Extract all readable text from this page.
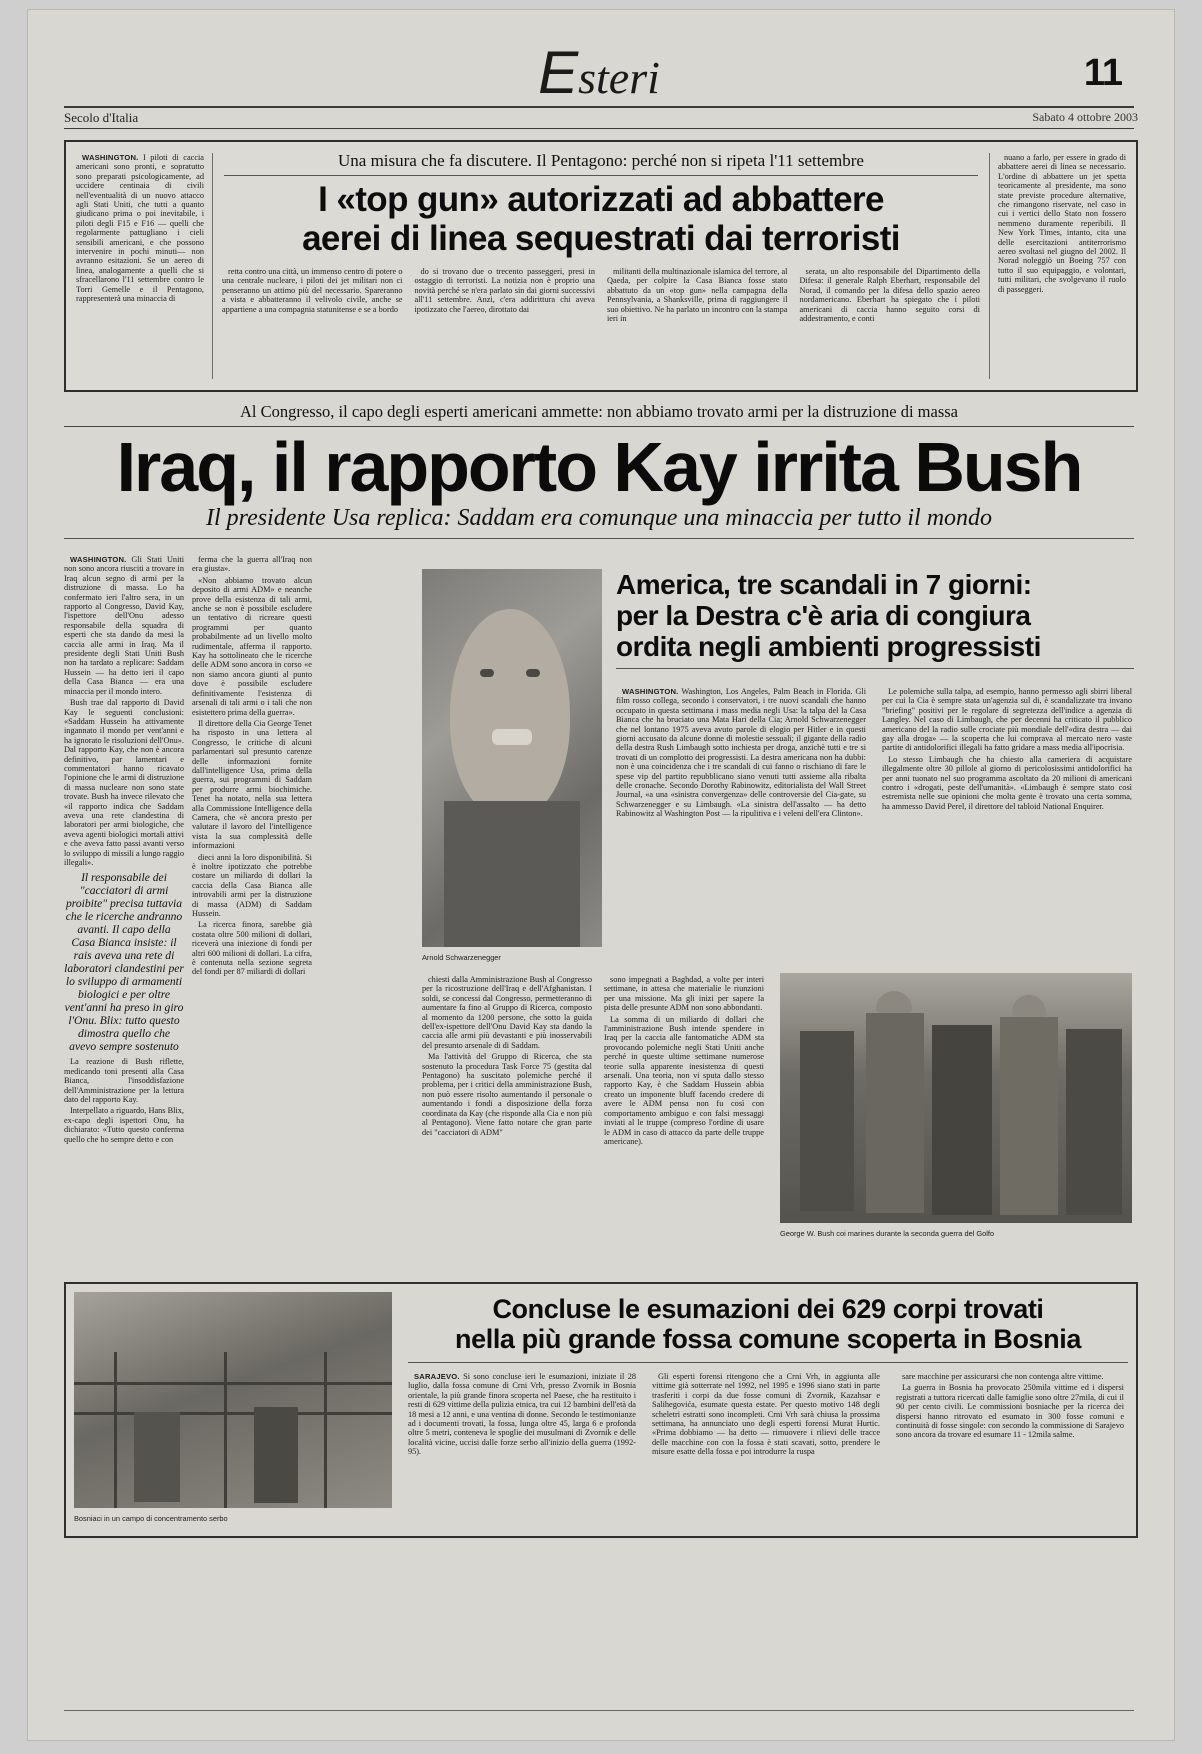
Esteri	11
Secolo d'Italia	Sabato 4 ottobre 2003

WASHINGTON. I piloti di caccia americani sono pronti, e sopratutto sono preparati psicologicamente, ad uccidere centinaia di civili nell'eventualità di un nuovo attacco agli Stati Uniti, che tutti a quanto giudicano prima o poi inevitabile, i piloti degli F15 e F16 — quelli che regolarmente pattugliano i cieli sensibili americani, e che possono intervenire in pochi minuti— non avranno esitazioni. Se un aereo di linea, analogamente a quelli che si sfracellarono l'11 settembre contro le Torri Gemelle e il Pentagono, rappresenterà una minaccia di

nuano a farlo, per essere in grado di abbattere aerei di linea se necessario. L'ordine di abbattere un jet spetta teoricamente al presidente, ma sono state previste procedure alternative, che rimangono riservate, nel caso in cui i vertici dello Stato non fossero nemmeno duramente reperibili. Il New York Times, intanto, cita una delle esercitazioni antiterrorismo aereo svoltasi nel giugno del 2002. Il Norad noleggiò un Boeing 757 con tutto il suo equipaggio, e volontari, tutti militari, che svolgevano il ruolo di passeggeri.

Una misura che fa discutere. Il Pentagono: perché non si ripeta l'11 settembre
I «top gun» autorizzati ad abbattere
aerei di linea sequestrati dai terroristi

retta contro una città, un immenso centro di potere o una centrale nucleare, i piloti dei jet militari non ci penseranno un attimo più del necessario. Spareranno a vista e abbatteranno il velivolo civile, anche se appartiene a una compagnia statunitense e se a bordo

do si trovano due o trecento passeggeri, presi in ostaggio di terroristi. La notizia non è proprio una novità perché se n'era parlato sin dai giorni successivi all'11 settembre. Anzi, c'era addirittura chi aveva ipotizzato che l'aereo, dirottato dai

militanti della multinazionale islamica del terrore, al Qaeda, per colpire la Casa Bianca fosse stato abbattuto da un «top gun» nella campagna della Pennsylvania, a Shanksville, prima di raggiungere il suo obiettivo. Ne ha parlato un incontro con la stampa ieri in

serata, un alto responsabile del Dipartimento della Difesa: il generale Ralph Eberhart, responsabile del Norad, il comando per la difesa dello spazio aereo nordamericano. Eberhart ha spiegato che i piloti americani di caccia hanno seguito corsi di addestramento, e conti

Al Congresso, il capo degli esperti americani ammette: non abbiamo trovato armi per la distruzione di massa
Iraq, il rapporto Kay irrita Bush
Il presidente Usa replica: Saddam era comunque una minaccia per tutto il mondo

WASHINGTON. Gli Stati Uniti non sono ancora riusciti a trovare in Iraq alcun segno di armi per la distruzione di massa. Lo ha confermato ieri l'altro sera, in un rapporto al Congresso, David Kay, l'ispettore dell'Onu adesso responsabile della squadra di esperti che sta dando da mesi la caccia alle armi in Iraq. Ma il presidente degli Stati Uniti Bush non ha tardato a replicare: Saddam Hussein — ha detto ieri il capo della Casa Bianca — era una minaccia per il mondo intero.

Bush trae dal rapporto di David Kay le seguenti conclusioni: «Saddam Hussein ha attivamente ingannato il mondo per vent'anni e ha ignorato le risoluzioni dell'Onu». Dal rapporto Kay, che non è ancora definitivo, par lamentari e commentatori hanno ricavato l'opinione che le armi di distruzione di massa nucleare non sono state trovate. Bush ha invece rilevato che «il rapporto indica che Saddam aveva una rete clandestina di laboratori per armi biologiche, che aveva agenti biologici mortali attivi e che aveva fatto passi avanti verso lo sviluppo di missili a lungo raggio illegali».

Il responsabile dei "cacciatori di armi proibite" precisa tuttavia che le ricerche andranno avanti. Il capo della Casa Bianca insiste: il rais aveva una rete di laboratori clandestini per lo sviluppo di armamenti biologici e per oltre vent'anni ha preso in giro l'Onu. Blix: tutto questo dimostra quello che avevo sempre sostenuto

La reazione di Bush riflette, medicando toni presenti alla Casa Bianca, l'insoddisfazione dell'Amministrazione per la lettura dato del rapporto Kay.

Interpellato a riguardo, Hans Blix, ex-capo degli ispettori Onu, ha dichiarato: «Tutto questo conferma quello che ho sempre detto e con

ferma che la guerra all'Iraq non era giusta».

«Non abbiamo trovato alcun deposito di armi ADM» e neanche prove della esistenza di tali armi, anche se non è possibile escludere un tentativo di ricreare questi programmi per quanto probabilmente ad un livello molto rudimentale, afferma il rapporto. Kay ha sottolineato che le ricerche delle ADM sono ancora in corso «e non siamo ancora giunti al punto dove è possibile escludere definitivamente l'esistenza di arsenali di tali armi o i tali che non esistettero prima della guerra».

Il direttore della Cia George Tenet ha risposto in una lettera al Congresso, le critiche di alcuni parlamentari sul presunto carenze delle informazioni fornite dall'intelligence Usa, prima della guerra, sui programmi di Saddam per produrre armi biochimiche. Tenet ha notato, nella sua lettera alla Commissione Intelligence della Camera, che «è ancora presto per valutare il lavoro del l'intelligence vista la sua complessità delle informazioni

dieci anni la loro disponibilità. Si è inoltre ipotizzato che potrebbe costare un miliardo di dollari la caccia della Casa Bianca alle introvabili armi per la distruzione di massa (ADM) di Saddam Hussein.

La ricerca finora, sarebbe già costata oltre 500 milioni di dollari, riceverà una iniezione di fondi per altri 600 milioni di dollari. La cifra, è contenuta nella sezione segreta del fondi per 87 miliardi di dollari

Arnold Schwarzenegger
America, tre scandali in 7 giorni:
per la Destra c'è aria di congiura
ordita negli ambienti progressisti

WASHINGTON. Washington, Los Angeles, Palm Beach in Florida. Gli film rosso collega, secondo i conservatori, i tre nuovi scandali che hanno occupato in questa settimana i mass media negli Usa: la talpa del la Casa Bianca che ha bruciato una Mata Hari della Cia; Arnold Schwarzenegger che nel lontano 1975 aveva avuto parole di elogio per Hitler e in questi giorni accusato da alcune donne di molestie sessuali; il gigante della radio della destra Rush Limbaugh sotto inchiesta per droga, anzichè tutti e tre si trovati di un complotto dei progressisti. La destra americana non ha dubbi: non è una coincidenza che i tre scandali di cui fanno o rischiano di fare le spese vip del partito repubblicano siano venuti tutti assieme alla ribalta delle cronache. Secondo Dorothy Rabinowitz, editorialista del Wall Street Journal, «a una «sinistra convergenza» delle controversie del Cia-gate, su Schwarzenegger e su Limbaugh. «La sinistra dell'assalto — ha detto Rabinowitz al Washington Post — la ripulitiva e i veleni dell'era Clinton».

Le polemiche sulla talpa, ad esempio, hanno permesso agli sbirri liberal per cui la Cia è sempre stata un'agenzia sul di, è scandalizzate tra invano "briefing" positivi per le regolare di segretezza dell'indice a agenzia di Langley. Nel caso di Limbaugh, che per decenni ha criticato il pubblico americano del la radio sulle crociate più mondiale dell'«dira destra — dai gay alla droga» — la scoperta che lui comprava al mercato nero vaste partite di antidolorifici illegali ha fatto gridare a mass media all'ipocrisia.

Lo stesso Limbaugh che ha chiesto alla cameriera di acquistare illegalmente oltre 30 pillole al giorno di pericolosissimi antidolorifici ha per anni tuonato nel suo programma ascoltato da 20 milioni di americani contro i «drogati, peste dell'umanità». «Limbaugh è sempre stato così estremista nelle sue opinioni che molta gente è trovato una certa somma, ha ammesso David Perel, il direttore del tabloid National Enquirer.

chiesti dalla Amministrazione Bush al Congresso per la ricostruzione dell'Iraq e dell'Afghanistan. I soldi, se concessi dal Congresso, permetteranno di aumentare fa fino al Gruppo di Ricerca, composto al momento da 1200 persone, che sotto la guida dell'ex-ispettore dell'Onu David Kay sta dando la caccia alle armi più devastanti e più inosservabili del presunto arsenale di di Saddam.

Ma l'attività del Gruppo di Ricerca, che sta sostenuto la procedura Task Force 75 (gestita dal Pentagono) ha suscitato polemiche perché il problema, per i critici della amministrazione Bush, non può essere risolto aumentando il personale o aumentando i fondi a disposizione della forza coordinata da Kay (che risponde alla Cia e non più al Pentagono). Viene fatto notare che gran parte dei "cacciatori di ADM"

sono impegnati a Baghdad, a volte per interi settimane, in attesa che materialie le riunzioni per una missione. Ma gli inizi per sapere la pista delle presunte ADM non sono abbondanti.

La somma di un miliardo di dollari che l'amministrazione Bush intende spendere in Iraq per la caccia alle fantomatiche ADM sta provocando polemiche negli Stati Uniti anche perché in queste ultime settimane numerose teorie sulla apparente inesistenza di questi arsenali. Una teoria, non vi sputa dallo stesso rapporto Kay, è che Saddam Hussein abbia creato un imponente bluff facendo credere di avere le ADM pensa non fu così con comportamento ambiguo e con falsi messaggi inviati al le truppe (compreso l'ordine di usare le ADM in caso di attacco da parte delle truppe americane).

George W. Bush coi marines durante la seconda guerra del Golfo
Bosniaci in un campo di concentramento serbo
Concluse le esumazioni dei 629 corpi trovati
nella più grande fossa comune scoperta in Bosnia

SARAJEVO. Si sono concluse ieri le esumazioni, iniziate il 28 luglio, dalla fossa comune di Crni Vrh, presso Zvornik in Bosnia orientale, la più grande finora scoperta nel Paese, che ha restituito i resti di 629 vittime della pulizia etnica, tra cui 12 bambini dell'età da 18 mesi a 12 anni, e una ventina di donne. Secondo le testimonianze ad i documenti trovati, la fossa, lunga oltre 45, larga 6 e profonda oltre 5 metri, conteneva le spoglie dei musulmani di Zvornik e delle località vicine, uccisi dalle forze serbo all'inizio della guerra (1992-95).

Gli esperti forensi ritengono che a Crni Vrh, in aggiunta alle vittime già sotterrate nel 1992, nel 1995 e 1996 siano stati in parte trasferiti i corpi da due fosse comuni di Zvornik, Kazahsar e Salihegovića, esumate questa estate. Per questo motivo 148 degli scheletri estratti sono incompleti. Crni Vrh sarà chiusa la prossima settimana, ha annunciato uno degli esperti forensi Murat Hurtic. «Prima dobbiamo — ha detto — rimuovere i rilievi delle tracce delle macchine con con la fossa è stati scavati, sotto, prendere le misure esatte della fossa e poi introdurre la ruspa

sare macchine per assicurarsi che non contenga altre vittime.

La guerra in Bosnia ha provocato 250mila vittime ed i dispersi registrati a tuttora ricercati dalle famiglie sono oltre 27mila, di cui il 90 per cento civili. Le commissioni bosniache per la ricerca dei dispersi hanno ritrovato ed esumato in 300 fosse comuni e continuità di fosse singole: con secondo la commissione di Sarajevo sono ancora da trovare ed esumare 11 - 12mila salme.
